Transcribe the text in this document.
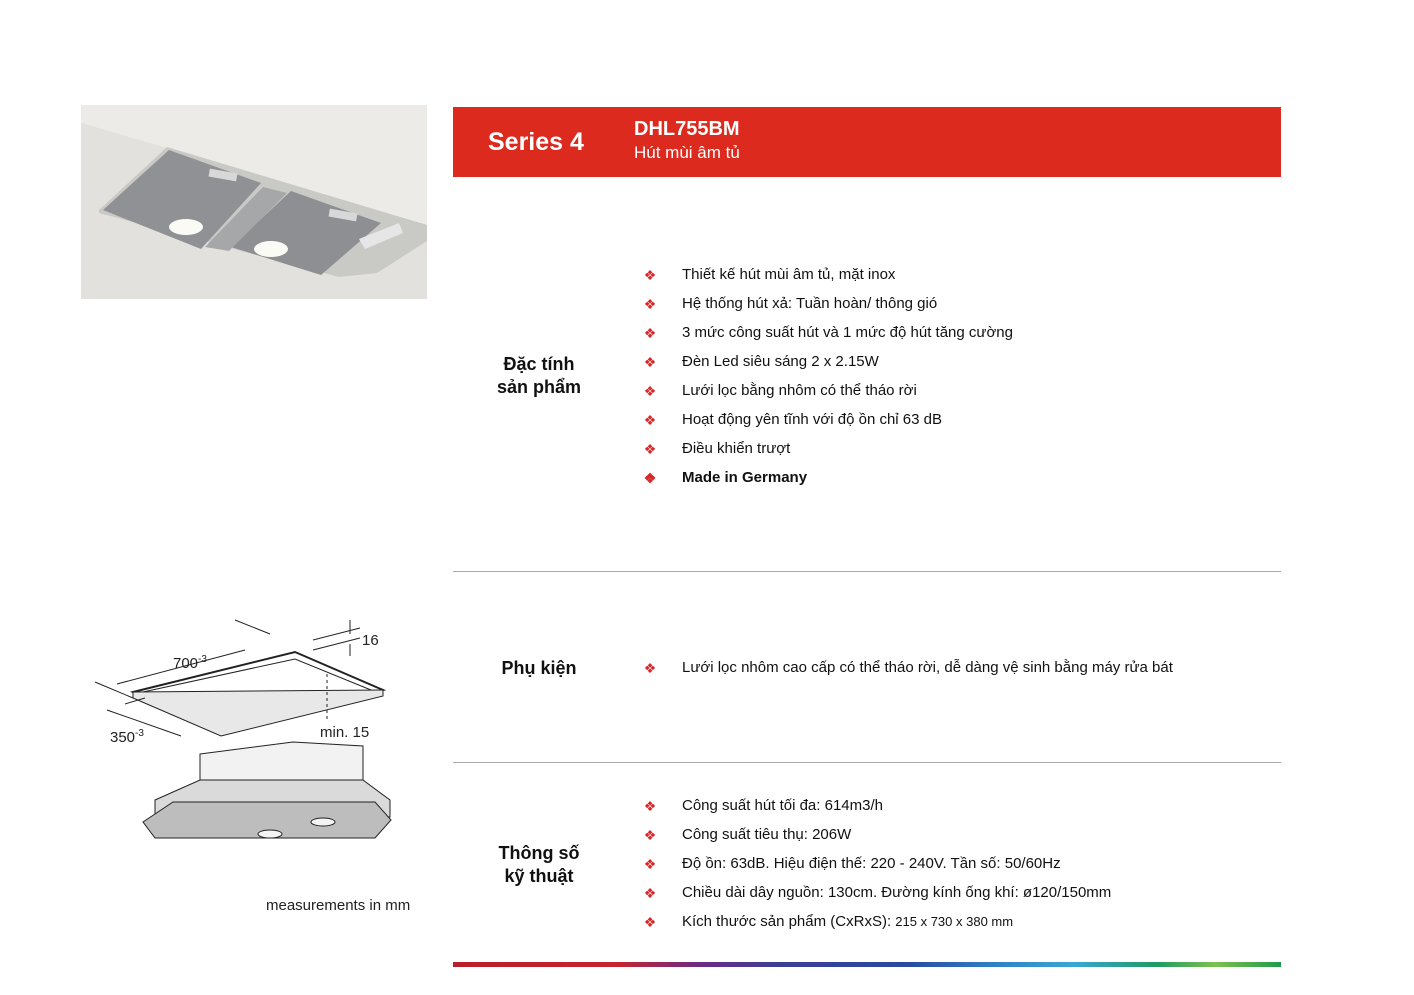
Series 4	DHL755BM
Hút mùi âm tủ
Đặc tính
sản phẩm
❖ Thiết kế hút mùi âm tủ, mặt inox
❖ Hệ thống hút xả: Tuần hoàn/ thông gió
❖ 3 mức công suất hút và 1 mức độ hút tăng cường
❖ Đèn Led siêu sáng 2 x 2.15W
❖ Lưới lọc bằng nhôm có thể tháo rời
❖ Hoạt động yên tĩnh với độ ồn chỉ 63 dB
❖ Điều khiển trượt
❖ Made in Germany
Phụ kiện	❖ Lưới lọc nhôm cao cấp có thể tháo rời, dễ dàng vệ sinh bằng máy rửa bát
Thông số
kỹ thuật
❖ Công suất hút tối đa: 614m3/h
❖ Công suất tiêu thụ: 206W
❖ Độ ồn: 63dB. Hiệu điện thế: 220 - 240V. Tần số: 50/60Hz
❖ Chiều dài dây nguồn: 130cm. Đường kính ống khí: ø120/150mm
❖ Kích thước sản phẩm (CxRxS): 215 x 730 x 380 mm
$700^{-3}$
$350^{-3}$
16
min. 15
measurements in mm
